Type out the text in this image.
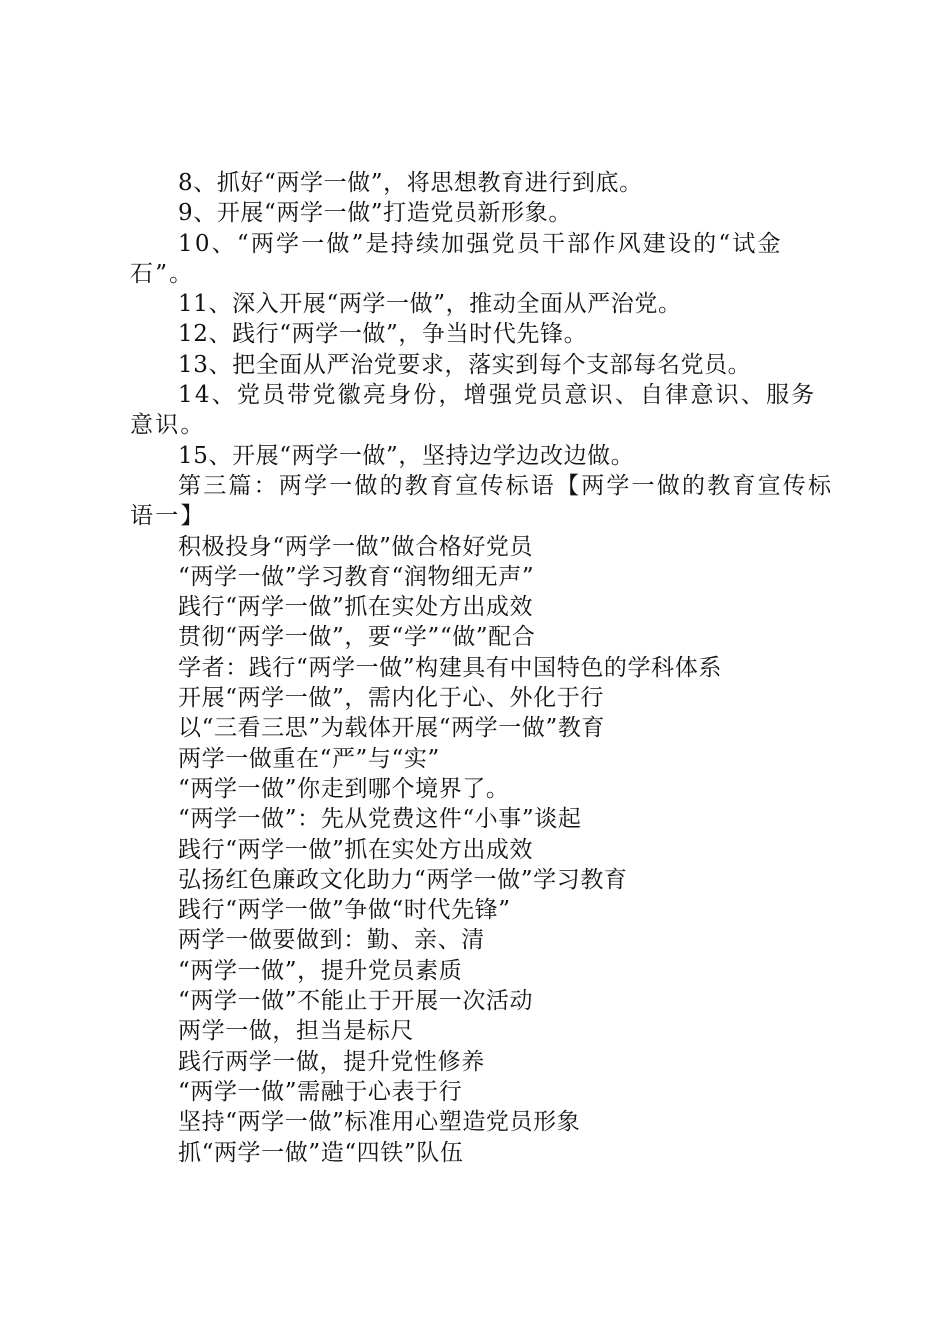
8、抓好“两学一做”，将思想教育进行到底。

9、开展“两学一做”打造党员新形象。

10、“两学一做”是持续加强党员干部作风建设的“试金石”。

11、深入开展“两学一做”，推动全面从严治党。

12、践行“两学一做”，争当时代先锋。

13、把全面从严治党要求，落实到每个支部每名党员。

14、党员带党徽亮身份，增强党员意识、自律意识、服务意识。

15、开展“两学一做”，坚持边学边改边做。

第三篇：两学一做的教育宣传标语【两学一做的教育宣传标语一】

积极投身“两学一做”做合格好党员

“两学一做”学习教育“润物细无声”

践行“两学一做”抓在实处方出成效

贯彻“两学一做”，要“学”“做”配合

学者：践行“两学一做”构建具有中国特色的学科体系

开展“两学一做”，需内化于心、外化于行

以“三看三思”为载体开展“两学一做”教育

两学一做重在“严”与“实”

“两学一做”你走到哪个境界了。

“两学一做”：先从党费这件“小事”谈起

践行“两学一做”抓在实处方出成效

弘扬红色廉政文化助力“两学一做”学习教育

践行“两学一做”争做“时代先锋”

两学一做要做到：勤、亲、清

“两学一做”，提升党员素质

“两学一做”不能止于开展一次活动

两学一做，担当是标尺

践行两学一做，提升党性修养

“两学一做”需融于心表于行

坚持“两学一做”标准用心塑造党员形象

抓“两学一做”造“四铁”队伍
